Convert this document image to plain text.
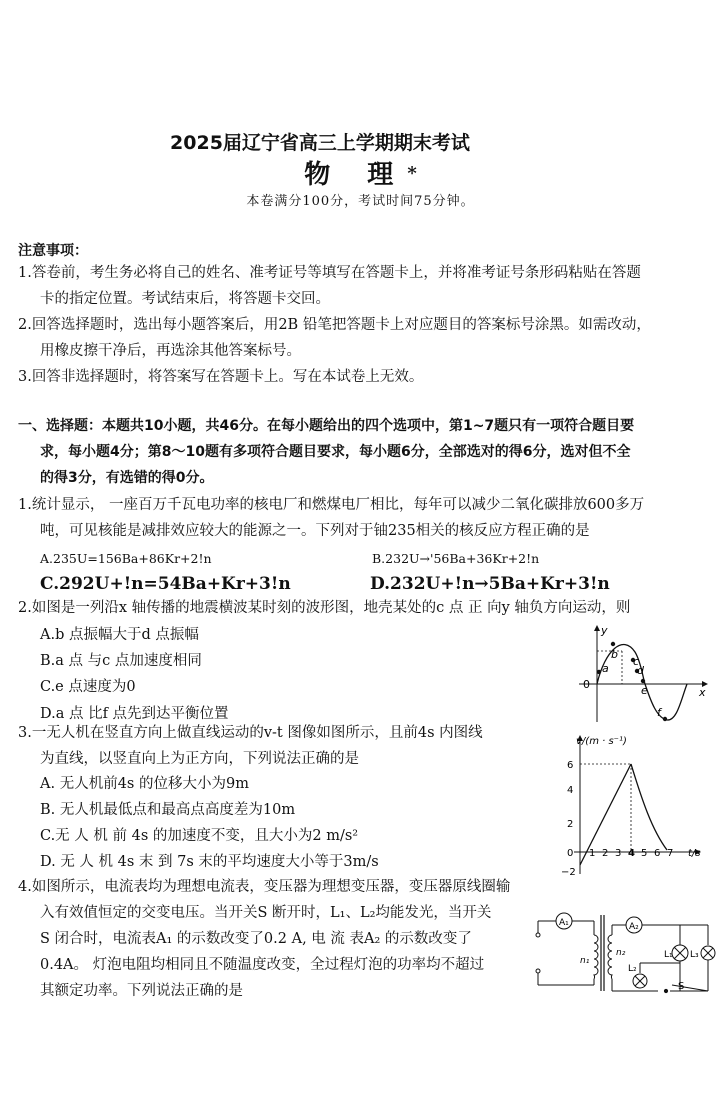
2025届辽宁省高三上学期期末考试
物 理*
本卷满分100分，考试时间75分钟。
注意事项：
1.答卷前，考生务必将自己的姓名、准考证号等填写在答题卡上，并将准考证号条形码粘贴在答题
卡的指定位置。考试结束后，将答题卡交回。
2.回答选择题时，选出每小题答案后，用2B 铅笔把答题卡上对应题目的答案标号涂黑。如需改动，
用橡皮擦干净后，再选涂其他答案标号。
3.回答非选择题时，将答案写在答题卡上。写在本试卷上无效。
一、选择题：本题共10小题，共46分。在每小题给出的四个选项中，第1~7题只有一项符合题目要
求，每小题4分；第8～10题有多项符合题目要求，每小题6分，全部选对的得6分，选对但不全
的得3分，有选错的得0分。
1.统计显示， 一座百万千瓦电功率的核电厂和燃煤电厂相比，每年可以减少二氧化碳排放600多万
吨，可见核能是减排效应较大的能源之一。下列对于铀235相关的核反应方程正确的是
A.235U=156Ba+86Kr+2!n	B.232U→'56Ba+36Kr+2!n
C.292U+!n=54Ba+Kr+3!n	D.232U+!n→5Ba+Kr+3!n
2.如图是一列沿x 轴传播的地震横波某时刻的波形图，地壳某处的c 点 正 向y 轴负方向运动，则
A.b 点振幅大于d 点振幅
B.a 点 与c 点加速度相同
C.e 点速度为0
D.a 点 比f 点先到达平衡位置
y
x
0
a
b
c
d
e
f
3.一无人机在竖直方向上做直线运动的v-t 图像如图所示，且前4s 内图线
为直线，以竖直向上为正方向，下列说法正确的是
A. 无人机前4s 的位移大小为9m
B. 无人机最低点和最高点高度差为10m
C.无 人 机 前 4s 的加速度不变，且大小为2 m/s²
D. 无 人 机 4s 末 到 7s 末的平均速度大小等于3m/s
v/(m · s⁻¹)
t/s
6
4
2
0
−2
1 2 3 4 5 6 7
4.如图所示，电流表均为理想电流表，变压器为理想变压器，变压器原线圈输
入有效值恒定的交变电压。当开关S 断开时，L₁、L₂均能发光，当开关
S 闭合时，电流表A₁ 的示数改变了0.2 A, 电 流 表A₂ 的示数改变了
0.4A。 灯泡电阻均相同且不随温度改变，全过程灯泡的功率均不超过
其额定功率。下列说法正确的是
A₁	A₂
n₁
n₂	L₁
L₂
L₃
S
